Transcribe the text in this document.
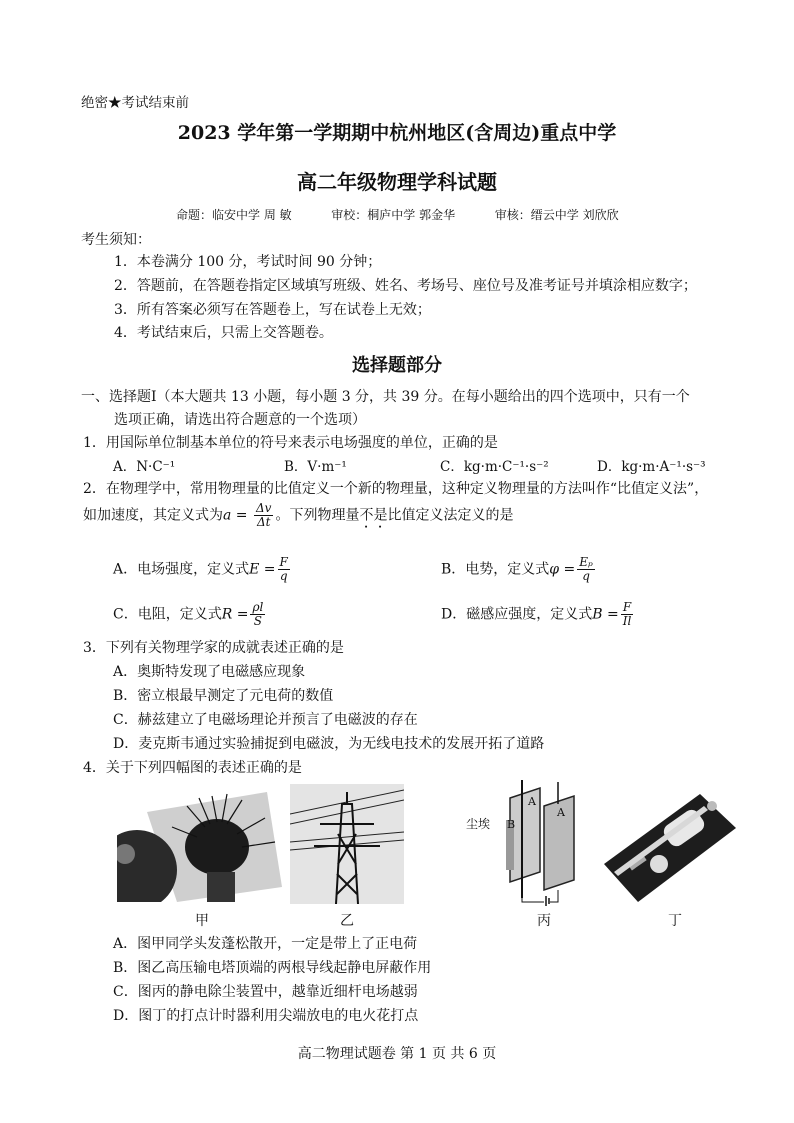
绝密★考试结束前
2023 学年第一学期期中杭州地区(含周边)重点中学
高二年级物理学科试题
命题：临安中学 周 敏	审校：桐庐中学 郭金华	审核：缙云中学 刘欣欣
考生须知：
1．本卷满分 100 分，考试时间 90 分钟；
2．答题前，在答题卷指定区域填写班级、姓名、考场号、座位号及准考证号并填涂相应数字；
3．所有答案必须写在答题卷上，写在试卷上无效；
4．考试结束后，只需上交答题卷。
选择题部分
一、选择题Ⅰ（本大题共 13 小题，每小题 3 分，共 39 分。在每小题给出的四个选项中，只有一个
选项正确，请选出符合题意的一个选项）
1．用国际单位制基本单位的符号来表示电场强度的单位，正确的是
A．N·C⁻¹	B．V·m⁻¹	C．kg·m·C⁻¹·s⁻²	D．kg·m·A⁻¹·s⁻³
2．在物理学中，常用物理量的比值定义一个新的物理量，这种定义物理量的方法叫作“比值定义法”，
如加速度，其定义式为$a = \frac{\Delta v}{\Delta t}$ 。下列物理量不是比值定义法定义的是
A．电场强度，定义式$E = \frac{F}{q}$	B．电势，定义式$\varphi = \frac{\text{Eₚ}}{q}$
C．电阻，定义式$R = \frac{\rho l}{S}$	D．磁感应强度，定义式$B = \frac{F}{Il}$
3．下列有关物理学家的成就表述正确的是
A．奥斯特发现了电磁感应现象
B．密立根最早测定了元电荷的数值
C．赫兹建立了电磁场理论并预言了电磁波的存在
D．麦克斯韦通过实验捕捉到电磁波，为无线电技术的发展开拓了道路
4．关于下列四幅图的表述正确的是
甲	乙
尘埃 B
A
A
丙	丁
A．图甲同学头发蓬松散开，一定是带上了正电荷
B．图乙高压输电塔顶端的两根导线起静电屏蔽作用
C．图丙的静电除尘装置中，越靠近细杆电场越弱
D．图丁的打点计时器利用尖端放电的电火花打点
高二物理试题卷 第 1 页 共 6 页
